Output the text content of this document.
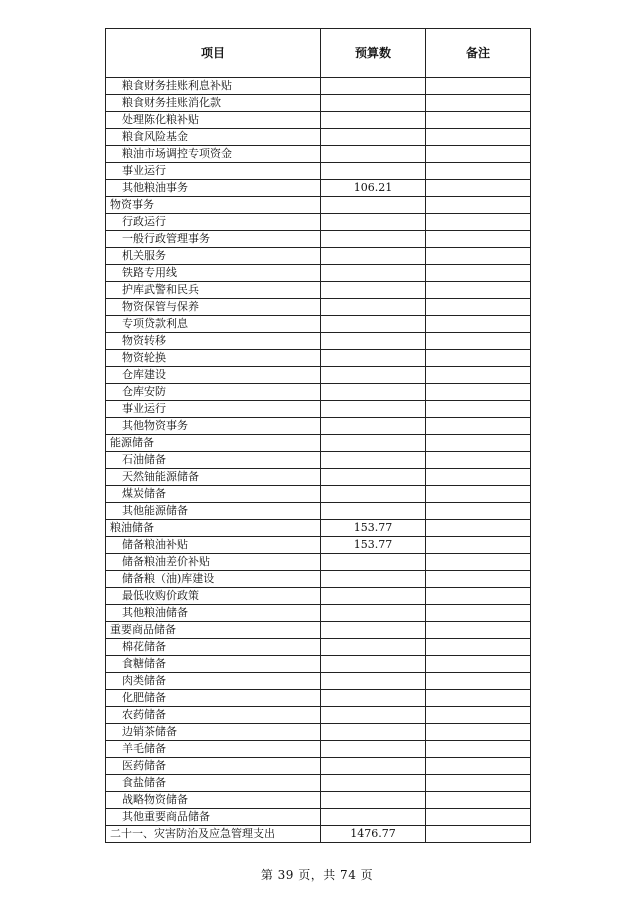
项目	预算数	备注
粮食财务挂账利息补贴		
粮食财务挂账消化款		
处理陈化粮补贴		
粮食风险基金		
粮油市场调控专项资金		
事业运行		
其他粮油事务	106.21	
物资事务		
行政运行		
一般行政管理事务		
机关服务		
铁路专用线		
护库武警和民兵		
物资保管与保养		
专项贷款利息		
物资转移		
物资轮换		
仓库建设		
仓库安防		
事业运行		
其他物资事务		
能源储备		
石油储备		
天然铀能源储备		
煤炭储备		
其他能源储备		
粮油储备	153.77	
储备粮油补贴	153.77	
储备粮油差价补贴		
储备粮（油)库建设		
最低收购价政策		
其他粮油储备		
重要商品储备		
棉花储备		
食糖储备		
肉类储备		
化肥储备		
农药储备		
边销茶储备		
羊毛储备		
医药储备		
食盐储备		
战略物资储备		
其他重要商品储备		
二十一、灾害防治及应急管理支出	1476.77	
第 39 页，共 74 页
